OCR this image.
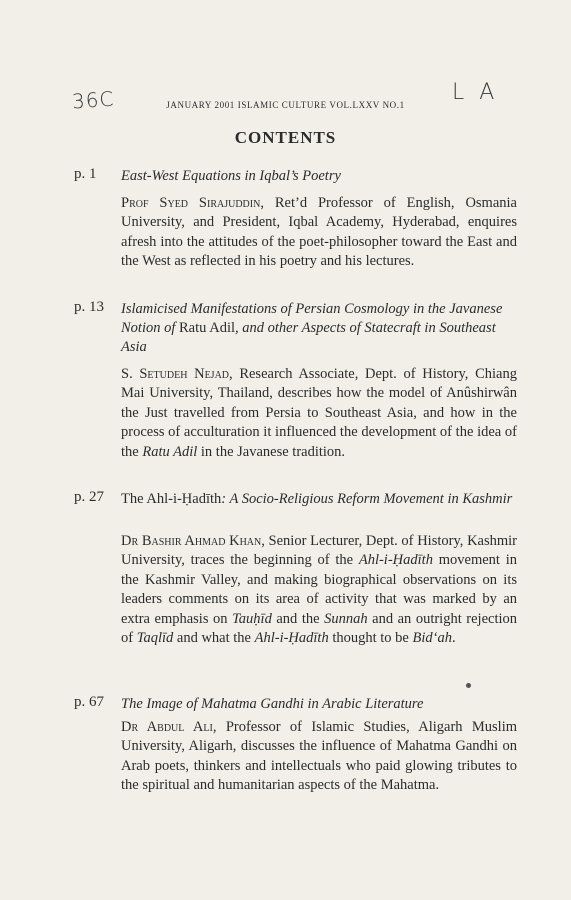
36С	L A
JANUARY 2001 ISLAMIC CULTURE VOL.LXXV NO.1
CONTENTS
p. 1 East-West Equations in Iqbal’s Poetry
Prof Syed Sirajuddin, Ret’d Professor of English, Osmania University, and President, Iqbal Academy, Hyderabad, enquires afresh into the attitudes of the poet-philosopher toward the East and the West as reflected in his poetry and his lectures.
p. 13 Islamicised Manifestations of Persian Cosmology in the Javanese Notion of Ratu Adil, and other Aspects of Statecraft in Southeast Asia
S. Setudeh Nejad, Research Associate, Dept. of History, Chiang Mai University, Thailand, describes how the model of Anûshirwân the Just travelled from Persia to Southeast Asia, and how in the process of acculturation it influenced the development of the idea of the Ratu Adil in the Javanese tradition.
p. 27 The Ahl-i-Ḥadīth: A Socio-Religious Reform Movement in Kashmir
Dr Bashir Ahmad Khan, Senior Lecturer, Dept. of History, Kashmir University, traces the beginning of the Ahl-i-Ḥadīth movement in the Kashmir Valley, and making biographical observations on its leaders comments on its area of activity that was marked by an extra emphasis on Tauḥīd and the Sunnah and an outright rejection of Taqlīd and what the Ahl-i-Ḥadīth thought to be Bid‘ah.
p. 67 The Image of Mahatma Gandhi in Arabic Literature
Dr Abdul Ali, Professor of Islamic Studies, Aligarh Muslim University, Aligarh, discusses the influence of Mahatma Gandhi on Arab poets, thinkers and intellectuals who paid glowing tributes to the spiritual and humanitarian aspects of the Mahatma.
